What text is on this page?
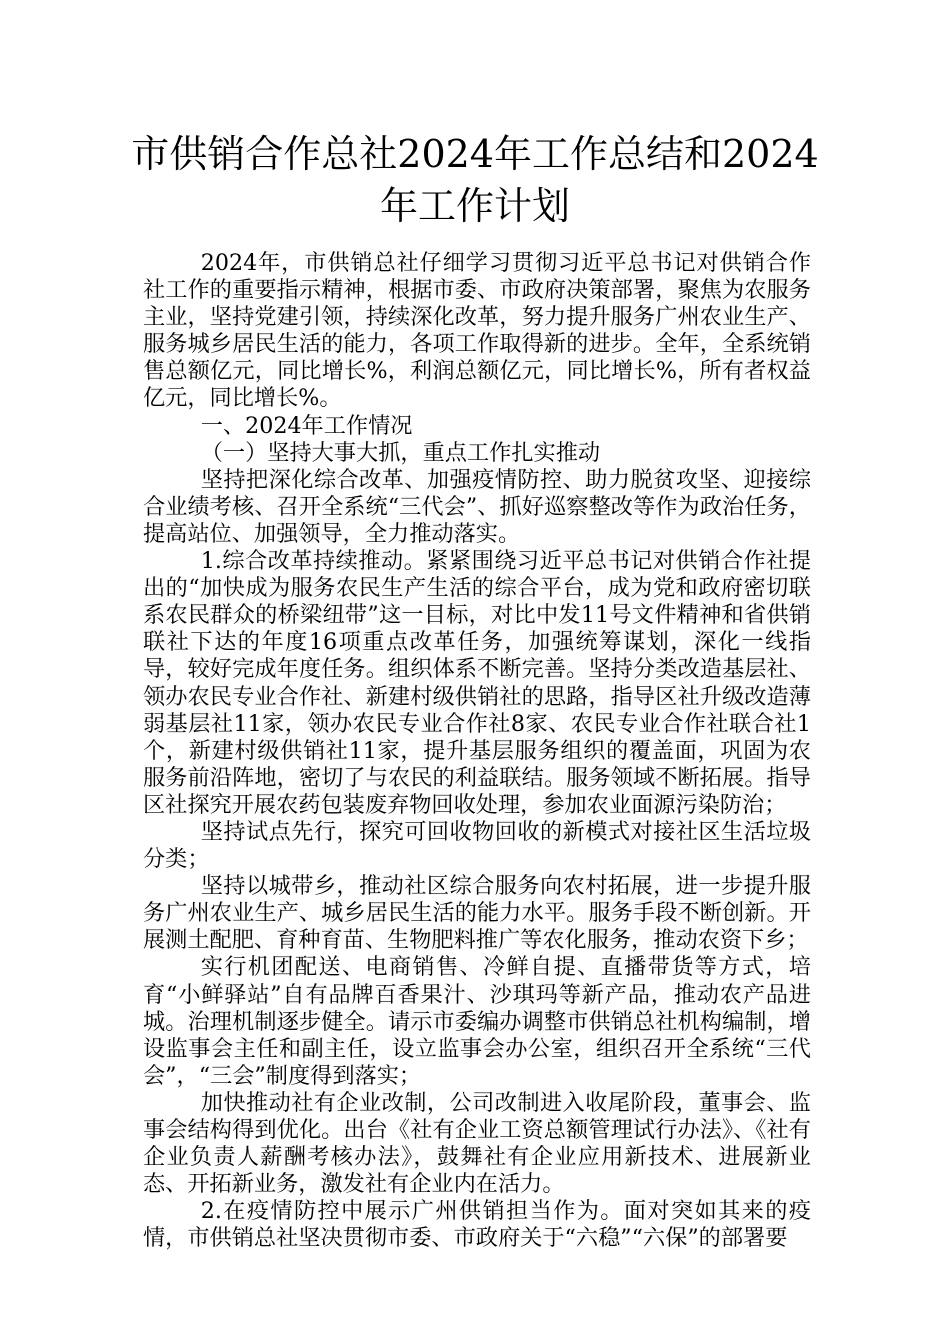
市供销合作总社2024年工作总结和2024年工作计划

2024年，市供销总社仔细学习贯彻习近平总书记对供销合作社工作的重要指示精神，根据市委、市政府决策部署，聚焦为农服务主业，坚持党建引领，持续深化改革，努力提升服务广州农业生产、服务城乡居民生活的能力，各项工作取得新的进步。全年，全系统销售总额亿元，同比增长%，利润总额亿元，同比增长%，所有者权益亿元，同比增长%。

一、2024年工作情况

（一）坚持大事大抓，重点工作扎实推动

坚持把深化综合改革、加强疫情防控、助力脱贫攻坚、迎接综合业绩考核、召开全系统“三代会”、抓好巡察整改等作为政治任务，提高站位、加强领导，全力推动落实。

1.综合改革持续推动。紧紧围绕习近平总书记对供销合作社提出的“加快成为服务农民生产生活的综合平台，成为党和政府密切联系农民群众的桥梁纽带”这一目标，对比中发11号文件精神和省供销联社下达的年度16项重点改革任务，加强统筹谋划，深化一线指导，较好完成年度任务。组织体系不断完善。坚持分类改造基层社、领办农民专业合作社、新建村级供销社的思路，指导区社升级改造薄弱基层社11家，领办农民专业合作社8家、农民专业合作社联合社1个，新建村级供销社11家，提升基层服务组织的覆盖面，巩固为农服务前沿阵地，密切了与农民的利益联结。服务领域不断拓展。指导区社探究开展农药包装废弃物回收处理，参加农业面源污染防治；

坚持试点先行，探究可回收物回收的新模式对接社区生活垃圾分类；

坚持以城带乡，推动社区综合服务向农村拓展，进一步提升服务广州农业生产、城乡居民生活的能力水平。服务手段不断创新。开展测土配肥、育种育苗、生物肥料推广等农化服务，推动农资下乡；

实行机团配送、电商销售、冷鲜自提、直播带货等方式，培育“小鲜驿站”自有品牌百香果汁、沙琪玛等新产品，推动农产品进城。治理机制逐步健全。请示市委编办调整市供销总社机构编制，增设监事会主任和副主任，设立监事会办公室，组织召开全系统“三代会”，“三会”制度得到落实；

加快推动社有企业改制，公司改制进入收尾阶段，董事会、监事会结构得到优化。出台《社有企业工资总额管理试行办法》、《社有企业负责人薪酬考核办法》，鼓舞社有企业应用新技术、进展新业态、开拓新业务，激发社有企业内在活力。

2.在疫情防控中展示广州供销担当作为。面对突如其来的疫情，市供销总社坚决贯彻市委、市政府关于“六稳”“六保”的部署要
